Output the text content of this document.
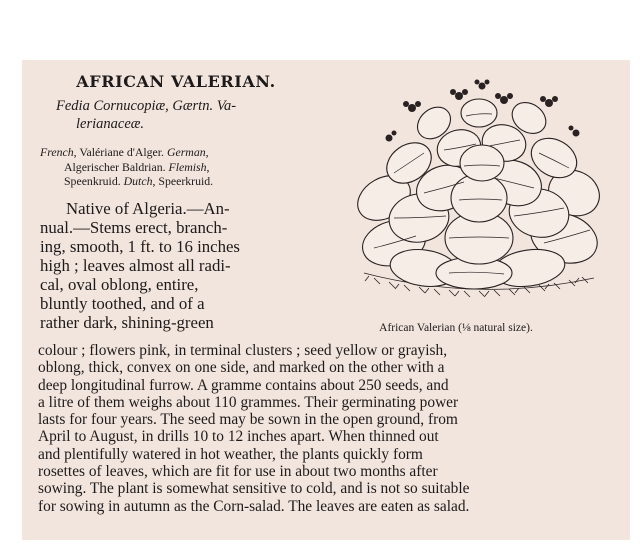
AFRICAN VALERIAN.
Fedia Cornucopiæ, Gærtn. Va-
lerianaceæ.
French, Valériane d'Alger. German,
Algerischer Baldrian. Flemish,
Speenkruid. Dutch, Speerkruid.
Native of Algeria.—An-
nual.—Stems erect, branch-
ing, smooth, 1 ft. to 16 inches
high ; leaves almost all radi-
cal, oval oblong, entire,
bluntly toothed, and of a
rather dark, shining-green	African Valerian (⅛ natural size).
colour ; flowers pink, in terminal clusters ; seed yellow or grayish,
oblong, thick, convex on one side, and marked on the other with a
deep longitudinal furrow. A gramme contains about 250 seeds, and
a litre of them weighs about 110 grammes. Their germinating power
lasts for four years. The seed may be sown in the open ground, from
April to August, in drills 10 to 12 inches apart. When thinned out
and plentifully watered in hot weather, the plants quickly form
rosettes of leaves, which are fit for use in about two months after
sowing. The plant is somewhat sensitive to cold, and is not so suitable
for sowing in autumn as the Corn-salad. The leaves are eaten as salad.
